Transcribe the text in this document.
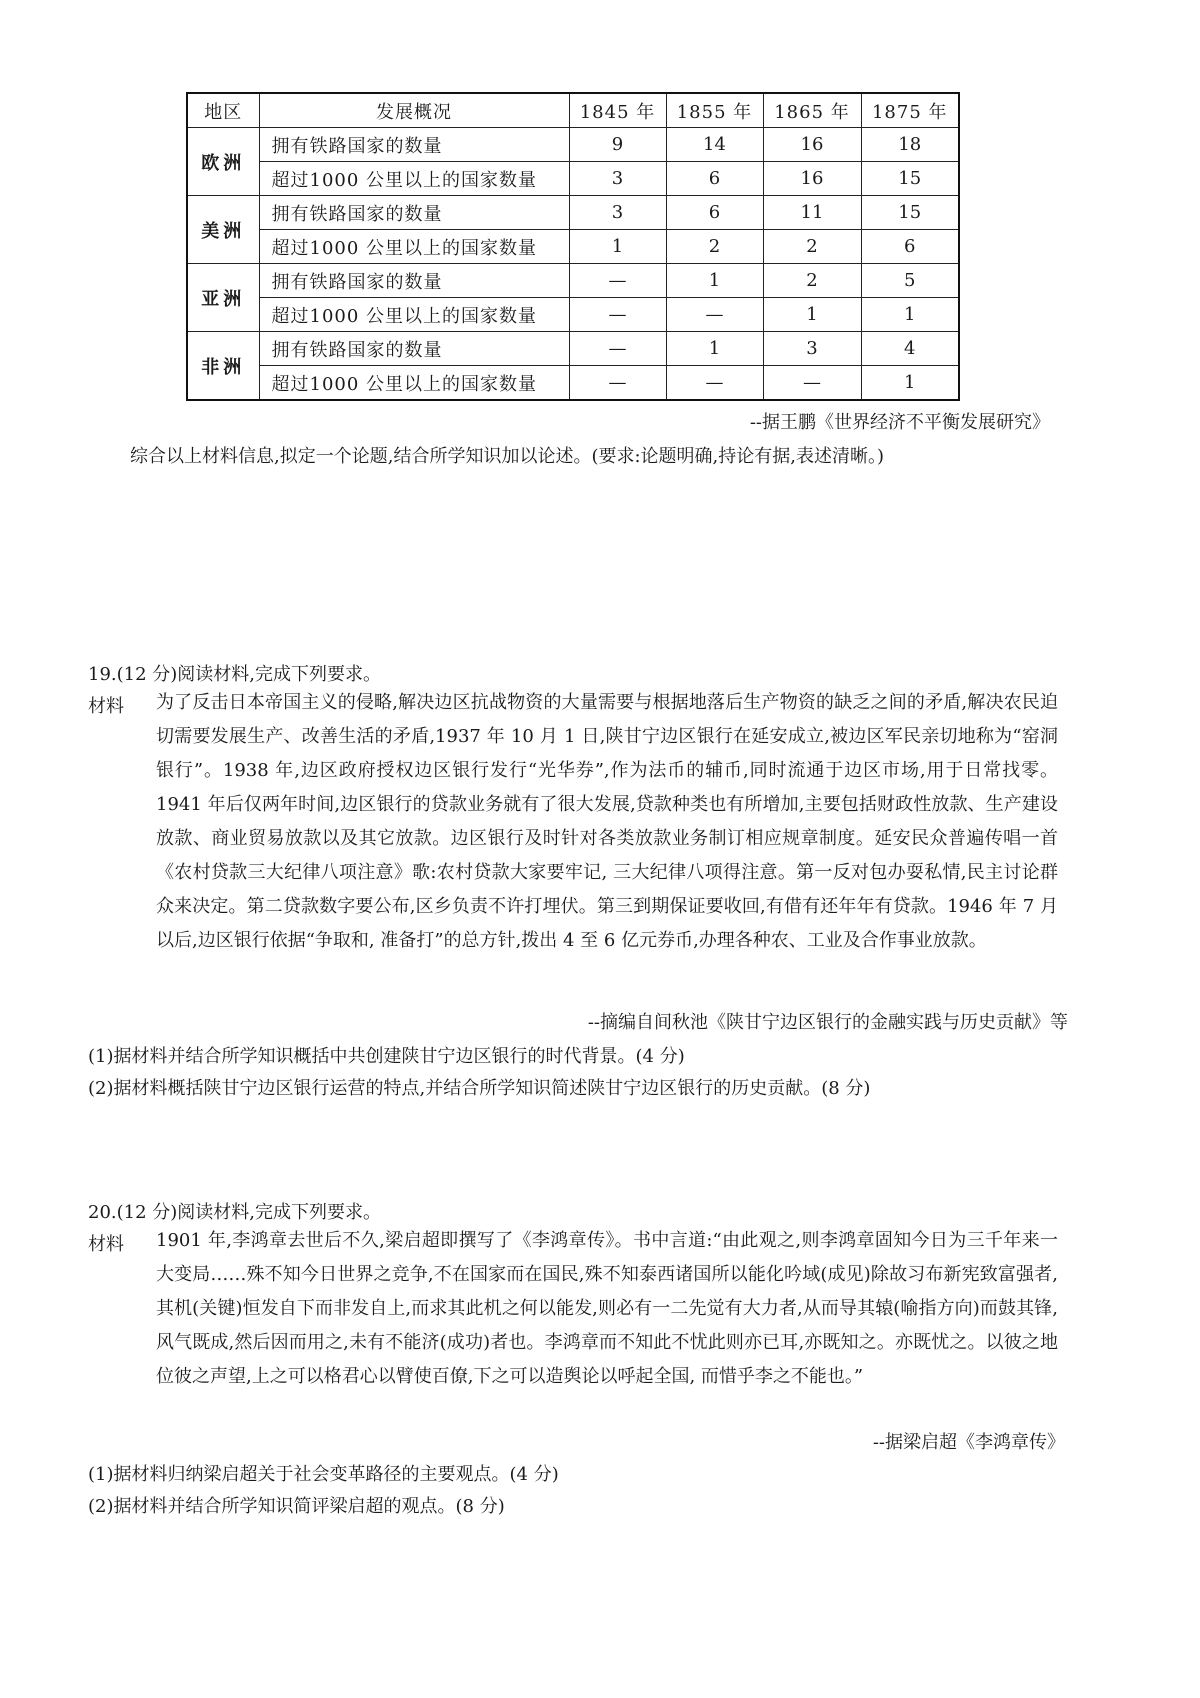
地区	发展概况	1845 年	1855 年	1865 年	1875 年
欧洲	拥有铁路国家的数量	9	14	16	18
	超过1000 公里以上的国家数量	3	6	16	15
美洲	拥有铁路国家的数量	3	6	11	15
	超过1000 公里以上的国家数量	1	2	2	6
亚洲	拥有铁路国家的数量	—	1	2	5
	超过1000 公里以上的国家数量	—	—	1	1
非洲	拥有铁路国家的数量	—	1	3	4
	超过1000 公里以上的国家数量	—	—	—	1
--据王鹏《世界经济不平衡发展研究》
综合以上材料信息,拟定一个论题,结合所学知识加以论述。(要求:论题明确,持论有据,表述清晰。)
19.(12 分)阅读材料,完成下列要求。
材料 为了反击日本帝国主义的侵略,解决边区抗战物资的大量需要与根据地落后生产物资的缺乏之间的矛盾,解决农民迫切需要发展生产、改善生活的矛盾,1937 年 10 月 1 日,陕甘宁边区银行在延安成立,被边区军民亲切地称为“窑洞银行”。1938 年,边区政府授权边区银行发行“光华券”,作为法币的辅币,同时流通于边区市场,用于日常找零。1941 年后仅两年时间,边区银行的贷款业务就有了很大发展,贷款种类也有所增加,主要包括财政性放款、生产建设放款、商业贸易放款以及其它放款。边区银行及时针对各类放款业务制订相应规章制度。延安民众普遍传唱一首《农村贷款三大纪律八项注意》歌:农村贷款大家要牢记, 三大纪律八项得注意。第一反对包办耍私情,民主讨论群众来决定。第二贷款数字要公布,区乡负责不许打埋伏。第三到期保证要收回,有借有还年年有贷款。1946 年 7 月以后,边区银行依据“争取和, 准备打”的总方针,拨出 4 至 6 亿元券币,办理各种农、工业及合作事业放款。
--摘编自间秋池《陕甘宁边区银行的金融实践与历史贡献》等
(1)据材料并结合所学知识概括中共创建陕甘宁边区银行的时代背景。(4 分)
(2)据材料概括陕甘宁边区银行运营的特点,并结合所学知识简述陕甘宁边区银行的历史贡献。(8 分)
20.(12 分)阅读材料,完成下列要求。
材料 1901 年,李鸿章去世后不久,梁启超即撰写了《李鸿章传》。书中言道:“由此观之,则李鸿章固知今日为三千年来一大变局……殊不知今日世界之竞争,不在国家而在国民,殊不知泰西诸国所以能化吟域(成见)除故习布新宪致富强者,其机(关键)恒发自下而非发自上,而求其此机之何以能发,则必有一二先觉有大力者,从而导其辕(喻指方向)而鼓其锋,风气既成,然后因而用之,未有不能济(成功)者也。李鸿章而不知此不忧此则亦已耳,亦既知之。亦既忧之。以彼之地位彼之声望,上之可以格君心以臂使百僚,下之可以造舆论以呼起全国, 而惜乎李之不能也。”
--据梁启超《李鸿章传》
(1)据材料归纳梁启超关于社会变革路径的主要观点。(4 分)
(2)据材料并结合所学知识简评梁启超的观点。(8 分)
